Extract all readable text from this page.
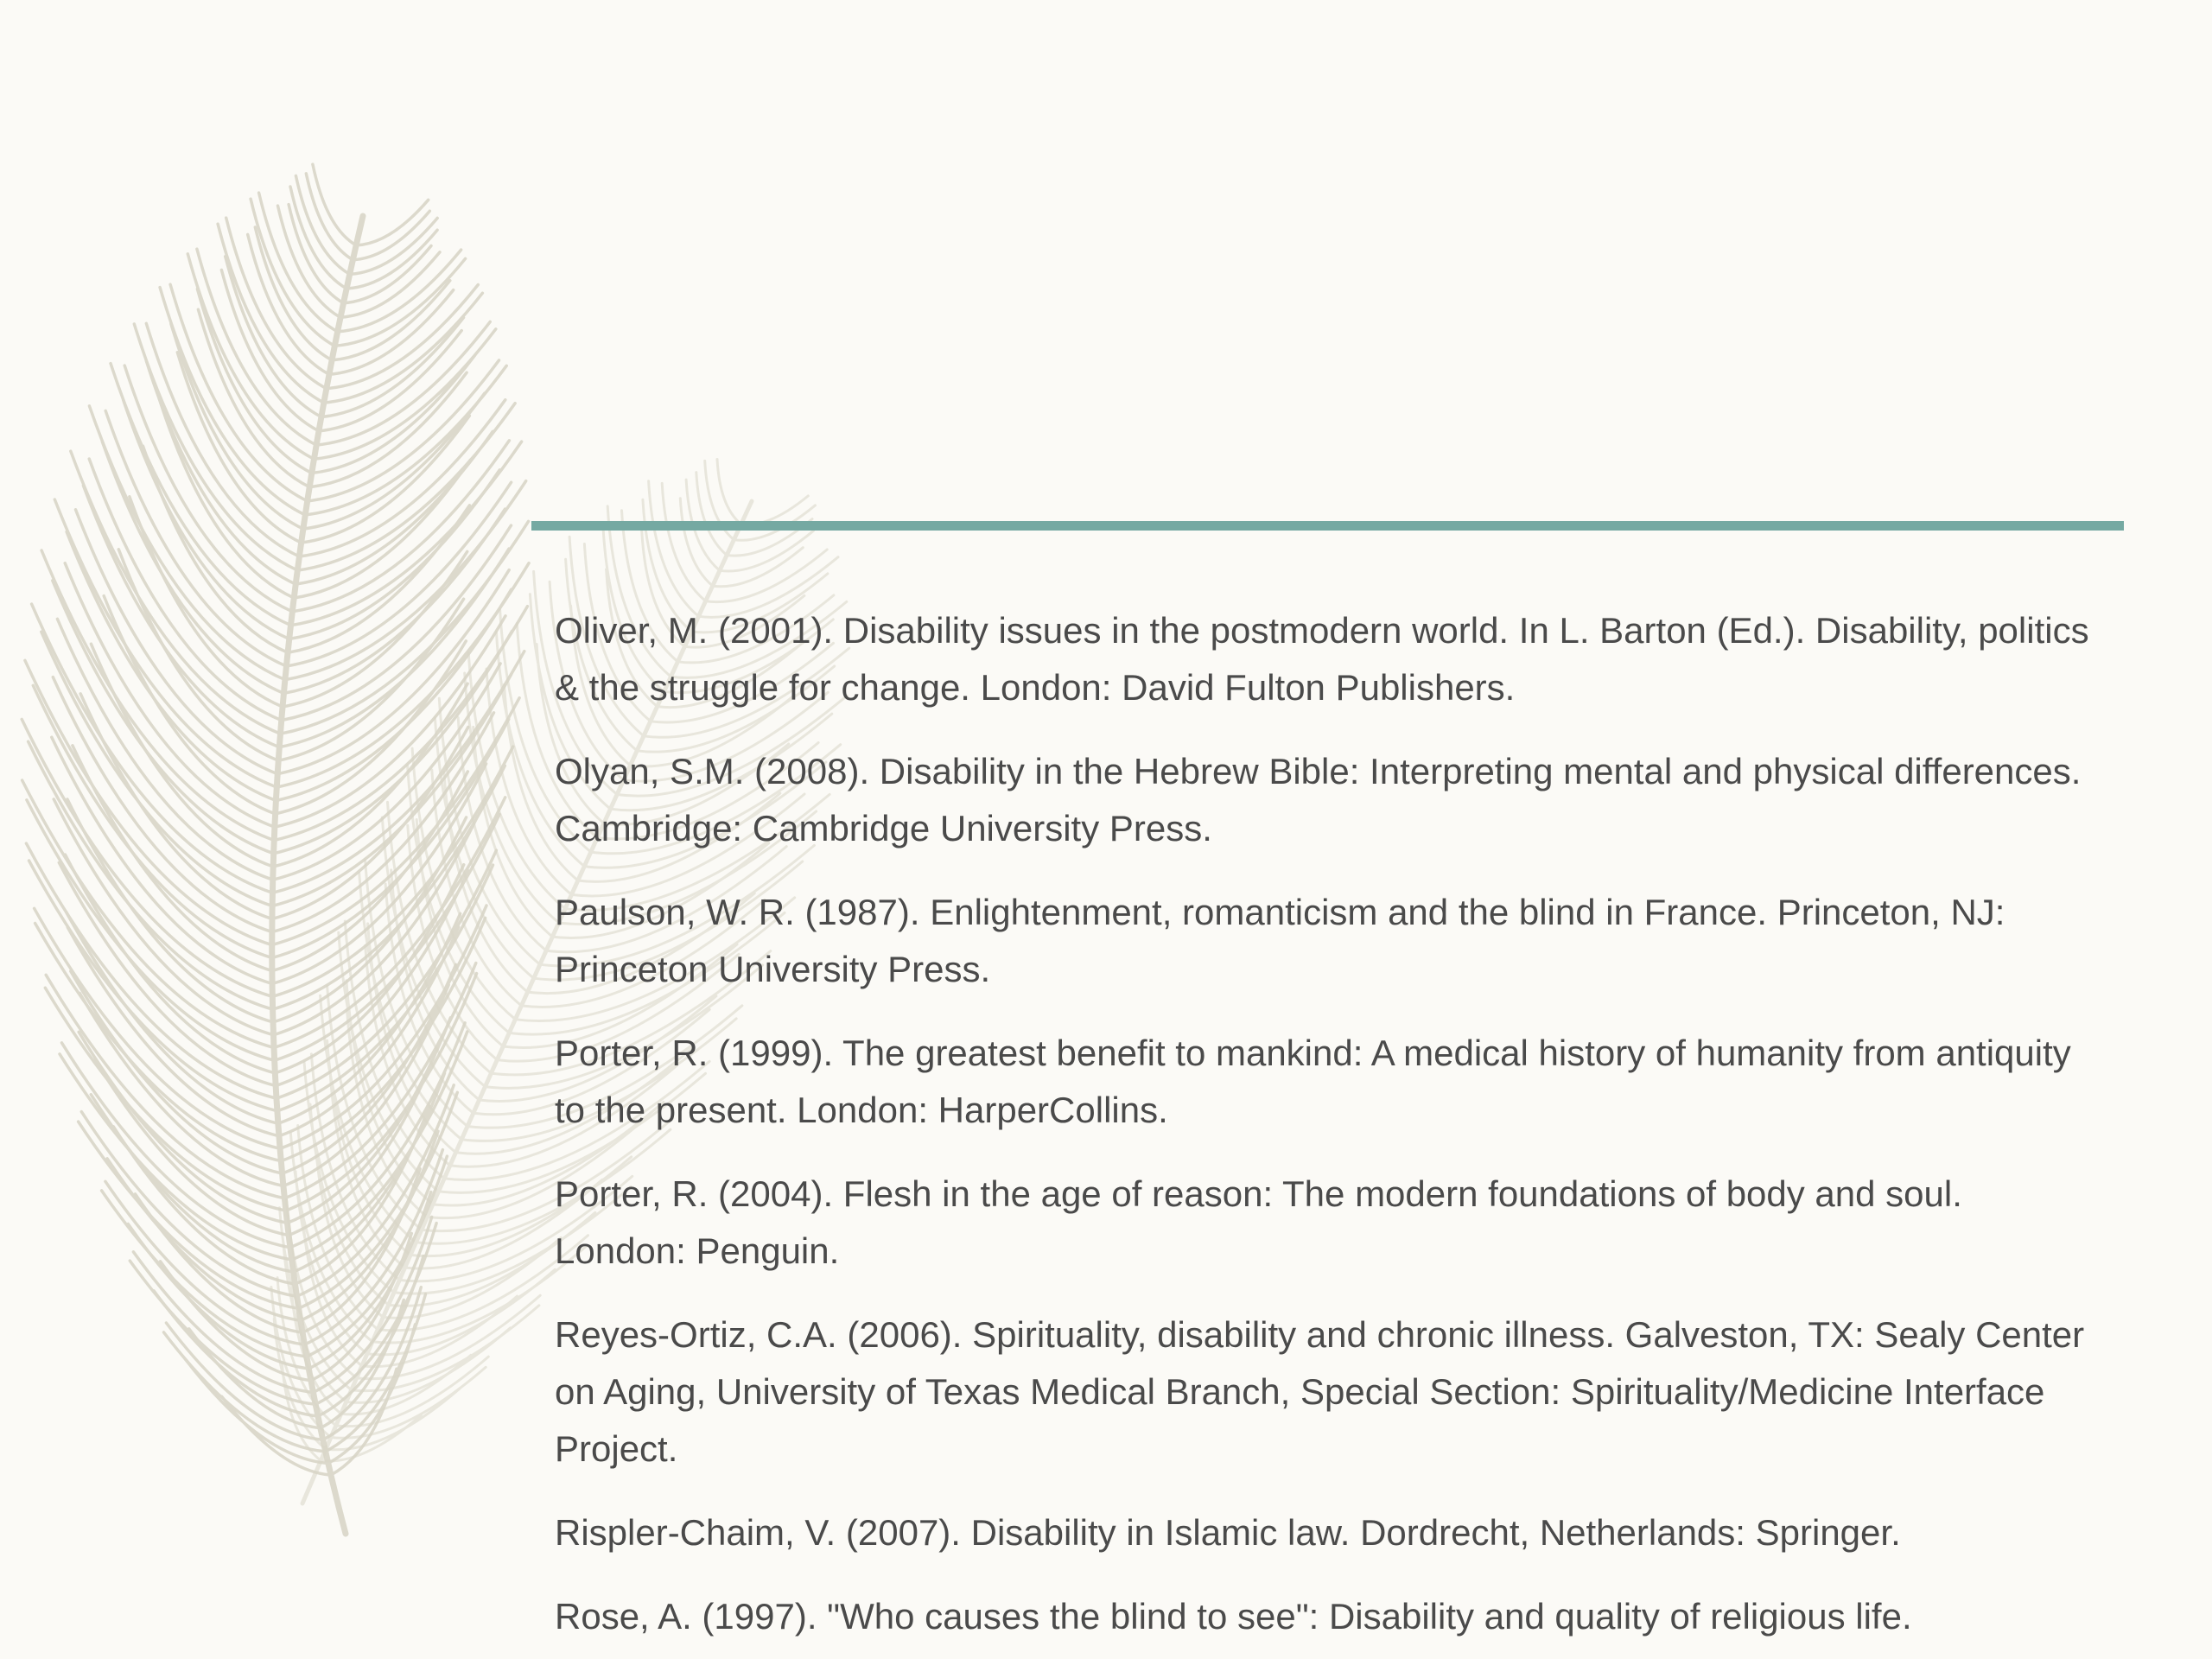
Oliver, M. (2001). Disability issues in the postmodern world. In L. Barton (Ed.). Disability, politics & the struggle for change. London: David Fulton Publishers.
Olyan, S.M. (2008). Disability in the Hebrew Bible: Interpreting mental and physical differences. Cambridge: Cambridge University Press.
Paulson, W. R. (1987). Enlightenment, romanticism and the blind in France. Princeton, NJ: Princeton University Press.
Porter, R. (1999). The greatest benefit to mankind: A medical history of humanity from antiquity to the present. London: HarperCollins.
Porter, R. (2004). Flesh in the age of reason: The modern foundations of body and soul. London: Penguin.
Reyes-Ortiz, C.A. (2006). Spirituality, disability and chronic illness. Galveston, TX: Sealy Center on Aging, University of Texas Medical Branch, Special Section: Spirituality/Medicine Interface Project.
Rispler-Chaim, V. (2007). Disability in Islamic law. Dordrecht, Netherlands: Springer.
Rose, A. (1997). "Who causes the blind to see": Disability and quality of religious life.
